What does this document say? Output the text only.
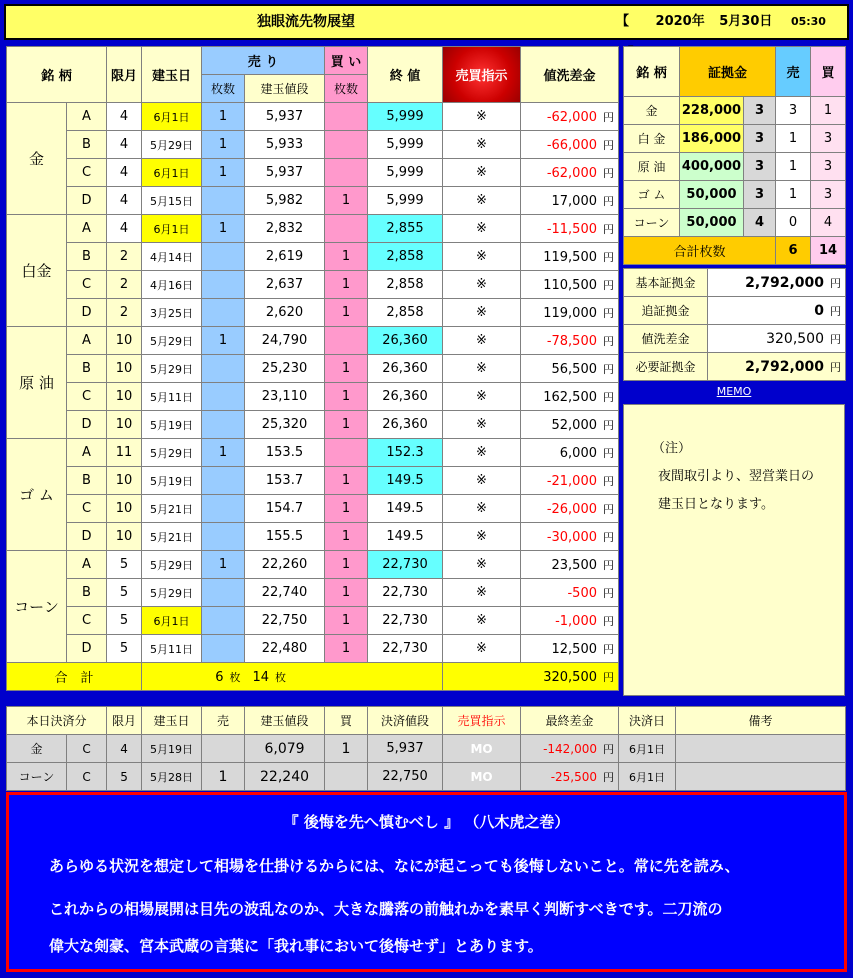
独眼流先物展望	【 2020年 5月30日 05:30
銘 柄		限月	建玉日	売 り		買 い	終 値	売買指示	値洗差金
				枚数	建玉値段	枚数			
金	A	4	6月1日	1	5,937		5,999	※	-62,000 円
	B	4	5月29日	1	5,933		5,999	※	-66,000 円
	C	4	6月1日	1	5,937		5,999	※	-62,000 円
	D	4	5月15日		5,982	1	5,999	※	17,000 円
白金	A	4	6月1日	1	2,832		2,855	※	-11,500 円
	B	2	4月14日		2,619	1	2,858	※	119,500 円
	C	2	4月16日		2,637	1	2,858	※	110,500 円
	D	2	3月25日		2,620	1	2,858	※	119,000 円
原 油	A	10	5月29日	1	24,790		26,360	※	-78,500 円
	B	10	5月29日		25,230	1	26,360	※	56,500 円
	C	10	5月11日		23,110	1	26,360	※	162,500 円
	D	10	5月19日		25,320	1	26,360	※	52,000 円
ゴ ム	A	11	5月29日	1	153.5		152.3	※	6,000 円
	B	10	5月19日		153.7	1	149.5	※	-21,000 円
	C	10	5月21日		154.7	1	149.5	※	-26,000 円
	D	10	5月21日		155.5	1	149.5	※	-30,000 円
コーン	A	5	5月29日	1	22,260	1	22,730	※	23,500 円
	B	5	5月29日		22,740	1	22,730	※	-500 円
	C	5	6月1日		22,750	1	22,730	※	-1,000 円
	D	5	5月11日		22,480	1	22,730	※	12,500 円
合　計			6 枚		14 枚			320,500 円	
銘 柄	証拠金		売	買
金	228,000	3	3	1
白 金	186,000	3	1	3
原 油	400,000	3	1	3
ゴ ム	50,000	3	1	3
コーン	50,000	4	0	4
合計枚数			6	14
基本証拠金	2,792,000 円
追証拠金	0 円
値洗差金	320,500 円
必要証拠金	2,792,000 円
MEMO
（注）
夜間取引より、翌営業日の
建玉日となります。
本日決済分		限月	建玉日	売	建玉値段	買	決済値段	売買指示	最終差金	決済日	備考
金	C	4	5月19日		6,079	1	5,937	MO	-142,000 円	6月1日	
コーン	C	5	5月28日	1	22,240		22,750	MO	-25,500 円	6月1日	
『 後悔を先へ慎むべし 』 （八木虎之巻）
あらゆる状況を想定して相場を仕掛けるからには、なにが起こっても後悔しないこと。常に先を読み、
これからの相場展開は目先の波乱なのか、大きな騰落の前触れかを素早く判断すべきです。二刀流の
偉大な剣豪、宮本武蔵の言葉に「我れ事において後悔せず」とあります。
